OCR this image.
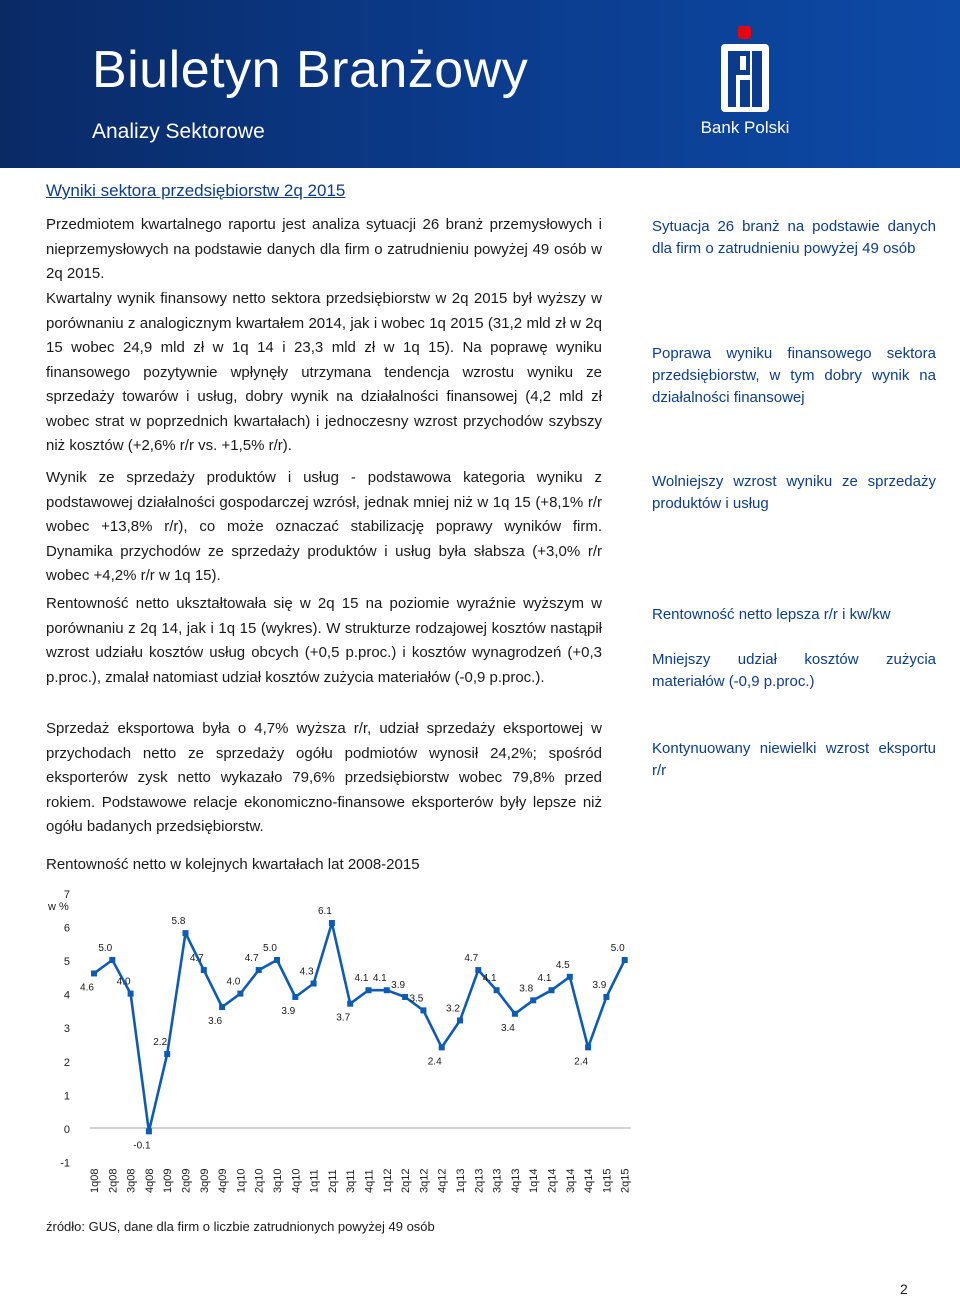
Biuletyn Branżowy
Analizy Sektorowe	Bank Polski
Wyniki sektora przedsiębiorstw 2q 2015
Przedmiotem kwartalnego raportu jest analiza sytuacji 26 branż przemysłowych i nieprzemysłowych na podstawie danych dla firm o zatrudnieniu powyżej 49 osób w 2q 2015.
Kwartalny wynik finansowy netto sektora przedsiębiorstw w 2q 2015 był wyższy w porównaniu z analogicznym kwartałem 2014, jak i wobec 1q 2015 (31,2 mld zł w 2q 15 wobec 24,9 mld zł w 1q 14 i 23,3 mld zł w 1q 15). Na poprawę wyniku finansowego pozytywnie wpłynęły utrzymana tendencja wzrostu wyniku ze sprzedaży towarów i usług, dobry wynik na działalności finansowej (4,2 mld zł wobec strat w poprzednich kwartałach) i jednoczesny wzrost przychodów szybszy niż kosztów (+2,6% r/r vs. +1,5% r/r).
Wynik ze sprzedaży produktów i usług - podstawowa kategoria wyniku z podstawowej działalności gospodarczej wzrósł, jednak mniej niż w 1q 15 (+8,1% r/r wobec +13,8% r/r), co może oznaczać stabilizację poprawy wyników firm. Dynamika przychodów ze sprzedaży produktów i usług była słabsza (+3,0% r/r wobec +4,2% r/r w 1q 15).
Rentowność netto ukształtowała się w 2q 15 na poziomie wyraźnie wyższym w porównaniu z 2q 14, jak i 1q 15 (wykres). W strukturze rodzajowej kosztów nastąpił wzrost udziału kosztów usług obcych (+0,5 p.proc.) i kosztów wynagrodzeń (+0,3 p.proc.), zmalał natomiast udział kosztów zużycia materiałów (-0,9 p.proc.).
Sprzedaż eksportowa była o 4,7% wyższa r/r, udział sprzedaży eksportowej w przychodach netto ze sprzedaży ogółu podmiotów wynosił 24,2%; spośród eksporterów zysk netto wykazało 79,6% przedsiębiorstw wobec 79,8% przed rokiem. Podstawowe relacje ekonomiczno-finansowe eksporterów były lepsze niż ogółu badanych przedsiębiorstw.
Sytuacja 26 branż na podstawie danych dla firm o zatrudnieniu powyżej 49 osób
Poprawa wyniku finansowego sektora przedsiębiorstw, w tym dobry wynik na działalności finansowej
Wolniejszy wzrost wyniku ze sprzedaży produktów i usług
Rentowność netto lepsza r/r i kw/kw
Mniejszy udział kosztów zużycia materiałów (-0,9 p.proc.)
Kontynuowany niewielki wzrost eksportu r/r
Rentowność netto w kolejnych kwartałach lat 2008-2015
-1
0
1
2
3
4
5
6
7
w %
4.6
5.0
4.0
-0.1
2.2
5.8
4.7
3.6
4.0
4.7
5.0
3.9
4.3
6.1
3.7
4.1 4.1
3.9
3.5
2.4
3.2
4.7
4.1
3.4
3.8
4.1
4.5
2.4
3.9
5.0
1q08 2q08 3q08 4q08 1q09 2q09 3q09 4q09 1q10 2q10 3q10 4q10 1q11 2q11 3q11 4q11 1q12 2q12 3q12 4q12 1q13 2q13 3q13 4q13 1q14 2q14 3q14 4q14 1q15 2q15
źródło: GUS, dane dla firm o liczbie zatrudnionych powyżej 49 osób
2
